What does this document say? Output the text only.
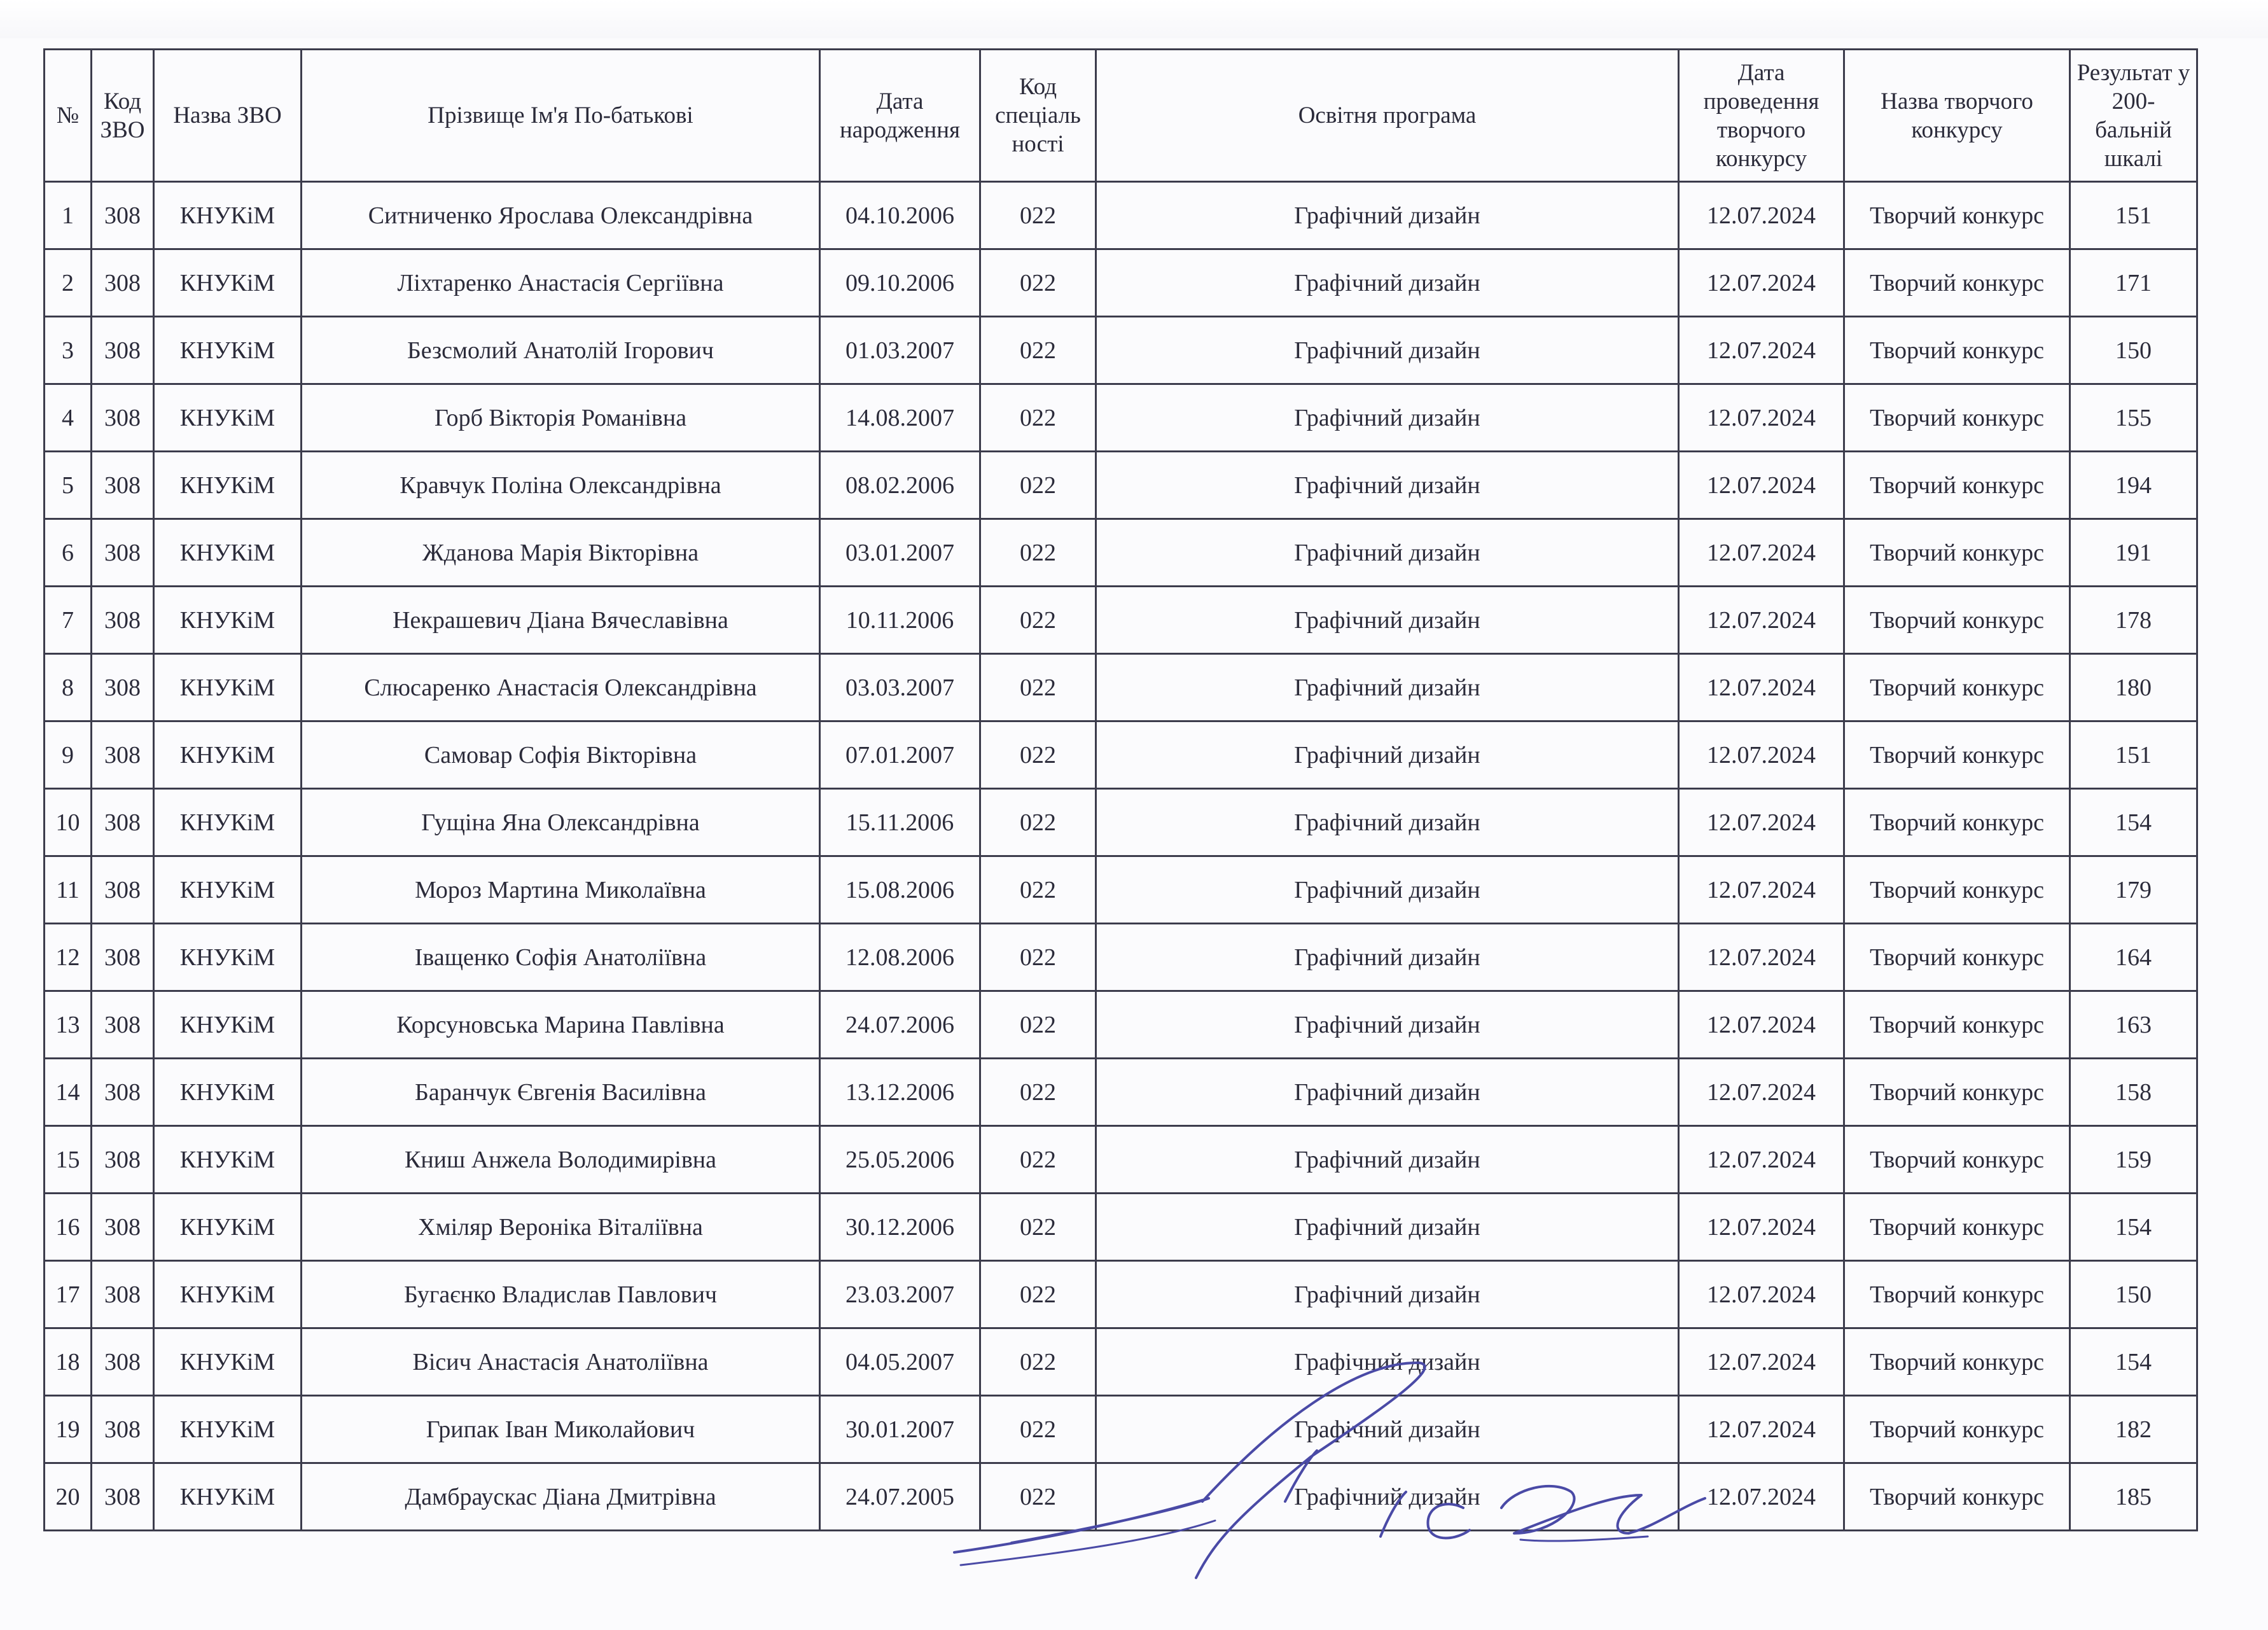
№	Код ЗВО	Назва ЗВО	Прізвище Ім'я По-батькові	Дата народження	Код спеціаль ності	Освітня програма	Дата проведення творчого конкурсу	Назва творчого конкурсу	Результат у 200-бальній шкалі
1	308	КНУКіМ	Ситниченко Ярослава Олександрівна	04.10.2006	022	Графічний дизайн	12.07.2024	Творчий конкурс	151
2	308	КНУКіМ	Ліхтаренко Анастасія Сергіївна	09.10.2006	022	Графічний дизайн	12.07.2024	Творчий конкурс	171
3	308	КНУКіМ	Безсмолий Анатолій Ігорович	01.03.2007	022	Графічний дизайн	12.07.2024	Творчий конкурс	150
4	308	КНУКіМ	Горб Вікторія Романівна	14.08.2007	022	Графічний дизайн	12.07.2024	Творчий конкурс	155
5	308	КНУКіМ	Кравчук Поліна Олександрівна	08.02.2006	022	Графічний дизайн	12.07.2024	Творчий конкурс	194
6	308	КНУКіМ	Жданова Марія Вікторівна	03.01.2007	022	Графічний дизайн	12.07.2024	Творчий конкурс	191
7	308	КНУКіМ	Некрашевич Діана Вячеславівна	10.11.2006	022	Графічний дизайн	12.07.2024	Творчий конкурс	178
8	308	КНУКіМ	Слюсаренко Анастасія Олександрівна	03.03.2007	022	Графічний дизайн	12.07.2024	Творчий конкурс	180
9	308	КНУКіМ	Самовар Софія Вікторівна	07.01.2007	022	Графічний дизайн	12.07.2024	Творчий конкурс	151
10	308	КНУКіМ	Гущіна Яна Олександрівна	15.11.2006	022	Графічний дизайн	12.07.2024	Творчий конкурс	154
11	308	КНУКіМ	Мороз Мартина Миколаївна	15.08.2006	022	Графічний дизайн	12.07.2024	Творчий конкурс	179
12	308	КНУКіМ	Іващенко Софія Анатоліївна	12.08.2006	022	Графічний дизайн	12.07.2024	Творчий конкурс	164
13	308	КНУКіМ	Корсуновська Марина Павлівна	24.07.2006	022	Графічний дизайн	12.07.2024	Творчий конкурс	163
14	308	КНУКіМ	Баранчук Євгенія Василівна	13.12.2006	022	Графічний дизайн	12.07.2024	Творчий конкурс	158
15	308	КНУКіМ	Книш Анжела Володимирівна	25.05.2006	022	Графічний дизайн	12.07.2024	Творчий конкурс	159
16	308	КНУКіМ	Хміляр Вероніка Віталіївна	30.12.2006	022	Графічний дизайн	12.07.2024	Творчий конкурс	154
17	308	КНУКіМ	Бугаєнко Владислав Павлович	23.03.2007	022	Графічний дизайн	12.07.2024	Творчий конкурс	150
18	308	КНУКіМ	Вісич Анастасія Анатоліївна	04.05.2007	022	Графічний дизайн	12.07.2024	Творчий конкурс	154
19	308	КНУКіМ	Грипак Іван Миколайович	30.01.2007	022	Графічний дизайн	12.07.2024	Творчий конкурс	182
20	308	КНУКіМ	Дамбраускас Діана Дмитрівна	24.07.2005	022	Графічний дизайн	12.07.2024	Творчий конкурс	185
